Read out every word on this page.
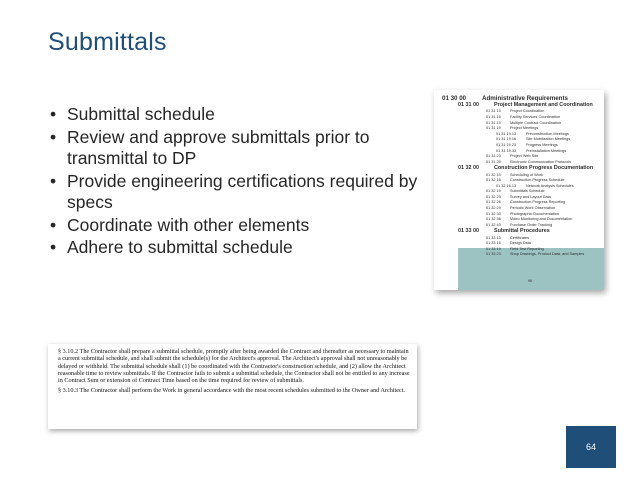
Submittals
• Submittal schedule
• Review and approve submittals prior to transmittal to DP
• Provide engineering certifications required by specs
• Coordinate with other elements
• Adhere to submittal schedule
01 30 00	Administrative Requirements
01 31 00	Project Management and Coordination
01 31 13 Project Coordination
01 31 16 Facility Services Coordination
01 31 19 Multiple Contract Coordination
01 31 19 Project Meetings
01 31 19.13	Preconstruction Meetings
01 31 19.16	Site Mobilization Meetings
01 31 19.23	Progress Meetings
01 31 19.33	Preinstallation Meetings
01 31 23 Project Web Site
01 31 26 Electronic Communication Protocols
01 32 00	Construction Progress Documentation
01 32 13 Scheduling of Work
01 32 16 Construction Progress Schedule
01 32 16.13	Network Analysis Schedules
01 32 19 Submittals Schedule
01 32 23 Survey and Layout Data
01 32 26 Construction Progress Reporting
01 32 29 Periodic Work Observation
01 32 33 Photographic Documentation
01 32 36 Video Monitoring and Documentation
01 32 43 Purchase Order Tracking
01 33 00	Submittal Procedures
01 33 13 Certificates
01 33 16 Design Data
01 33 19 Field Test Reporting
01 33 23 Shop Drawings, Product Data, and Samples
96

§ 3.10.2 The Contractor shall prepare a submittal schedule, promptly after being awarded the Contract and thereafter as necessary to maintain a current submittal schedule, and shall submit the schedule(s) for the Architect's approval. The Architect's approval shall not unreasonably be delayed or withheld. The submittal schedule shall (1) be coordinated with the Contractor's construction schedule, and (2) allow the Architect reasonable time to review submittals. If the Contractor fails to submit a submittal schedule, the Contractor shall not be entitled to any increase in Contract Sum or extension of Contract Time based on the time required for review of submittals.

§ 3.10.3 The Contractor shall perform the Work in general accordance with the most recent schedules submitted to the Owner and Architect.

64
